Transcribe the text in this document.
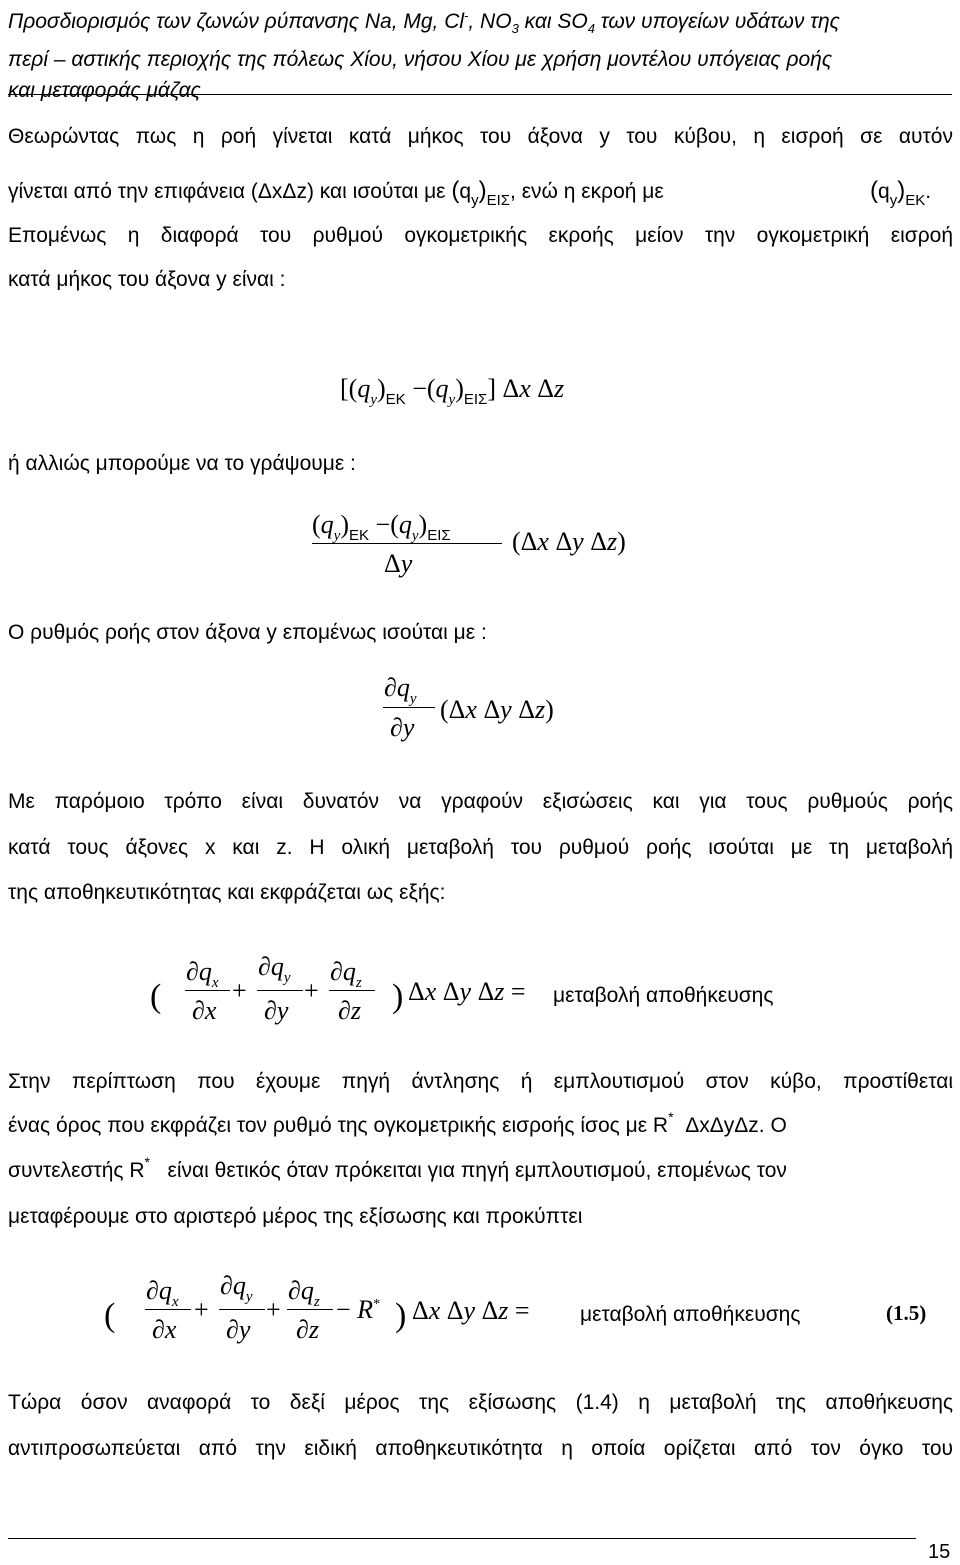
Προσδιορισμός των ζωνών ρύπανσης Na, Mg, Cl-, $NO_3$ και $SO_4$ των υπογείων υδάτων της
περί – αστικής περιοχής της πόλεως Χίου, νήσου Χίου με χρήση μοντέλου υπόγειας ροής
και μεταφοράς μάζας
Θεωρώντας πως η ροή γίνεται κατά μήκος του άξονα y του κύβου, η εισροή σε αυτόν
γίνεται από την επιφάνεια (ΔxΔz) και ισούται με $(q_y)_{EI\Sigma}$, ενώ η εκροή με	$(q_y)_{EK}$.
Επομένως η διαφορά του ρυθμού ογκομετρικής εκροής μείον την ογκομετρική εισροή
κατά μήκος του άξονα y είναι :
$[(q_y)_{EK} -(q_y)_{EI\Sigma}]$ Δx Δz
ή αλλιώς μπορούμε να το γράψουμε :
$(q_y)_{EK} -(q_y)_{EI\Sigma}$
Δy
(Δx Δy Δz)
Ο ρυθμός ροής στον άξονα y επομένως ισούται με :
$\partial q_y$
∂y
(Δx Δy Δz)
Με παρόμοιο τρόπο είναι δυνατόν να γραφούν εξισώσεις και για τους ρυθμούς ροής
κατά τους άξονες x και z. Η ολική μεταβολή του ρυθμού ροής ισούται με τη μεταβολή
της αποθηκευτικότητας και εκφράζεται ως εξής:
(
$\partial q_x$
∂x
+
$\partial q_y$
∂y
+
$\partial q_z$
∂z ) Δx Δy Δz = μεταβολή αποθήκευσης
Στην περίπτωση που έχουμε πηγή άντλησης ή εμπλουτισμού στον κύβο, προστίθεται
ένας όρος που εκφράζει τον ρυθμό της ογκομετρικής εισροής ίσος με R* ΔxΔyΔz. Ο
συντελεστής R* είναι θετικός όταν πρόκειται για πηγή εμπλουτισμού, επομένως τον
μεταφέρουμε στο αριστερό μέρος της εξίσωσης και προκύπτει
(
$\partial q_x$
∂x
+
$\partial q_y$
∂y
+
$\partial q_z$
∂z
− R* ) Δx Δy Δz = μεταβολή αποθήκευσης	(1.5)
Τώρα όσον αναφορά το δεξί μέρος της εξίσωσης (1.4) η μεταβολή της αποθήκευσης
αντιπροσωπεύεται από την ειδική αποθηκευτικότητα η οποία ορίζεται από τον όγκο του
15
